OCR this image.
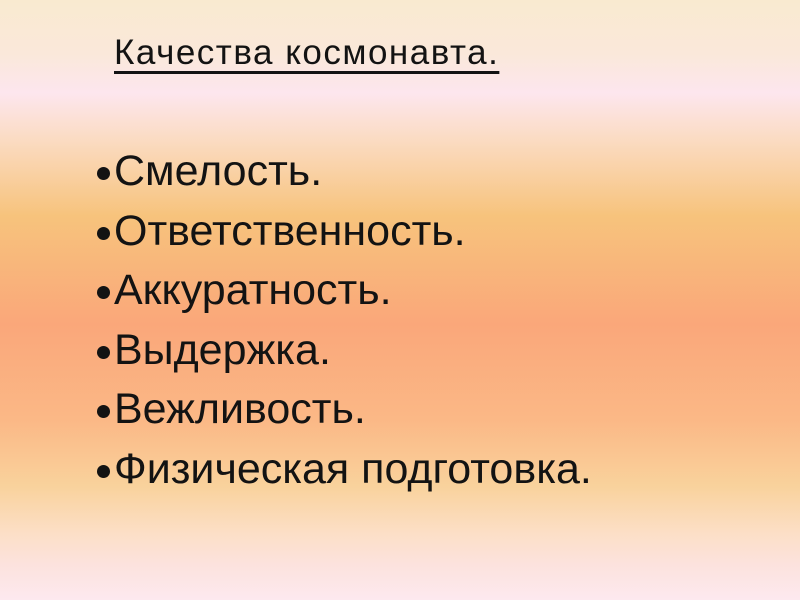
Качества космонавта.
Смелость.
Ответственность.
Аккуратность.
Выдержка.
Вежливость.
Физическая подготовка.
